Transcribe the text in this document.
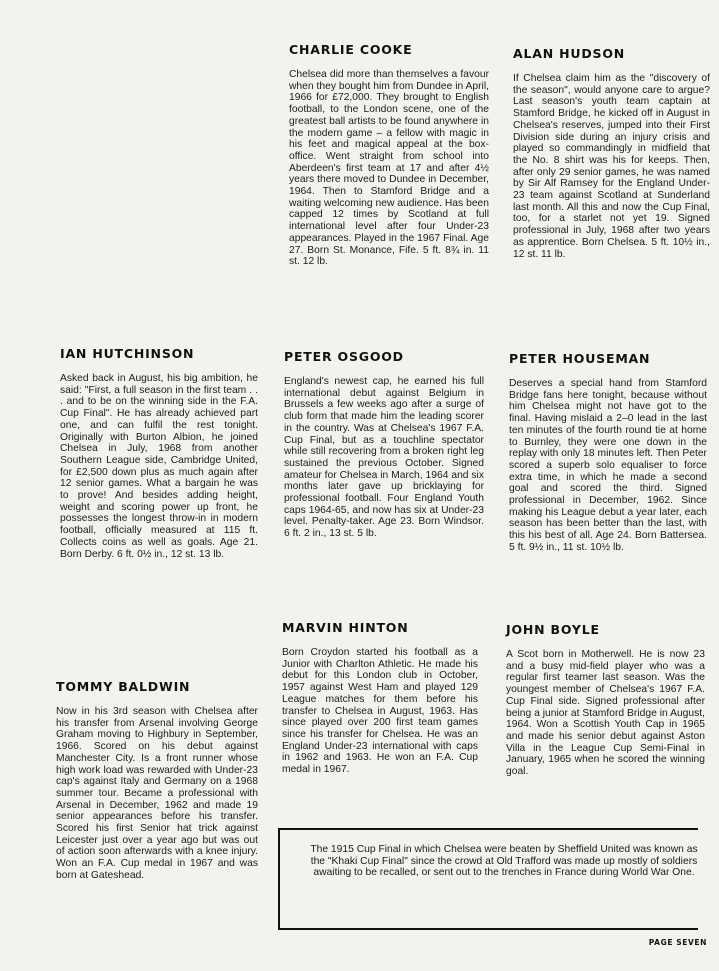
CHARLIE COOKE

Chelsea did more than themselves a favour when they bought him from Dundee in April, 1966 for £72,000. They brought to English football, to the London scene, one of the greatest ball artists to be found anywhere in the modern game – a fellow with magic in his feet and magical appeal at the box-office. Went straight from school into Aberdeen's first team at 17 and after 4½ years there moved to Dundee in December, 1964. Then to Stamford Bridge and a waiting welcoming new audience. Has been capped 12 times by Scotland at full international level after four Under-23 appearances. Played in the 1967 Final. Age 27. Born St. Monance, Fife. 5 ft. 8¾ in. 11 st. 12 lb.

ALAN HUDSON

If Chelsea claim him as the "discovery of the season", would anyone care to argue? Last season's youth team captain at Stamford Bridge, he kicked off in August in Chelsea's reserves, jumped into their First Division side during an injury crisis and played so commandingly in midfield that the No. 8 shirt was his for keeps. Then, after only 29 senior games, he was named by Sir Alf Ramsey for the England Under-23 team against Scotland at Sunderland last month. All this and now the Cup Final, too, for a starlet not yet 19. Signed professional in July, 1968 after two years as apprentice. Born Chelsea. 5 ft. 10½ in., 12 st. 11 lb.

IAN HUTCHINSON

Asked back in August, his big ambition, he said: "First, a full season in the first team . . . and to be on the winning side in the F.A. Cup Final". He has already achieved part one, and can fulfil the rest tonight. Originally with Burton Albion, he joined Chelsea in July, 1968 from another Southern League side, Cambridge United, for £2,500 down plus as much again after 12 senior games. What a bargain he was to prove! And besides adding height, weight and scoring power up front, he possesses the longest throw-in in modern football, officially measured at 115 ft. Collects coins as well as goals. Age 21. Born Derby. 6 ft. 0½ in., 12 st. 13 lb.

PETER OSGOOD

England's newest cap, he earned his full international debut against Belgium in Brussels a few weeks ago after a surge of club form that made him the leading scorer in the country. Was at Chelsea's 1967 F.A. Cup Final, but as a touchline spectator while still recovering from a broken right leg sustained the previous October. Signed amateur for Chelsea in March, 1964 and six months later gave up bricklaying for professional football. Four England Youth caps 1964-65, and now has six at Under-23 level. Penalty-taker. Age 23. Born Windsor. 6 ft. 2 in., 13 st. 5 lb.

PETER HOUSEMAN

Deserves a special hand from Stamford Bridge fans here tonight, because without him Chelsea might not have got to the final. Having mislaid a 2–0 lead in the last ten minutes of the fourth round tie at home to Burnley, they were one down in the replay with only 18 minutes left. Then Peter scored a superb solo equaliser to force extra time, in which he made a second goal and scored the third. Signed professional in December, 1962. Since making his League debut a year later, each season has been better than the last, with this his best of all. Age 24. Born Battersea. 5 ft. 9½ in., 11 st. 10½ lb.

MARVIN HINTON

Born Croydon started his football as a Junior with Charlton Athletic. He made his debut for this London club in October, 1957 against West Ham and played 129 League matches for them before his transfer to Chelsea in August, 1963. Has since played over 200 first team games since his transfer for Chelsea. He was an England Under-23 international with caps in 1962 and 1963. He won an F.A. Cup medal in 1967.

JOHN BOYLE

A Scot born in Motherwell. He is now 23 and a busy mid-field player who was a regular first teamer last season. Was the youngest member of Chelsea's 1967 F.A. Cup Final side. Signed professional after being a junior at Stamford Bridge in August, 1964. Won a Scottish Youth Cap in 1965 and made his senior debut against Aston Villa in the League Cup Semi-Final in January, 1965 when he scored the winning goal.

TOMMY BALDWIN

Now in his 3rd season with Chelsea after his transfer from Arsenal involving George Graham moving to Highbury in September, 1966. Scored on his debut against Manchester City. Is a front runner whose high work load was rewarded with Under-23 cap's against Italy and Germany on a 1968 summer tour. Became a professional with Arsenal in December, 1962 and made 19 senior appearances before his transfer. Scored his first Senior hat trick against Leicester just over a year ago but was out of action soon afterwards with a knee injury. Won an F.A. Cup medal in 1967 and was born at Gateshead.

The 1915 Cup Final in which Chelsea were beaten by Sheffield United was known as the "Khaki Cup Final" since the crowd at Old Trafford was made up mostly of soldiers awaiting to be recalled, or sent out to the trenches in France during World War One.

PAGE SEVEN
